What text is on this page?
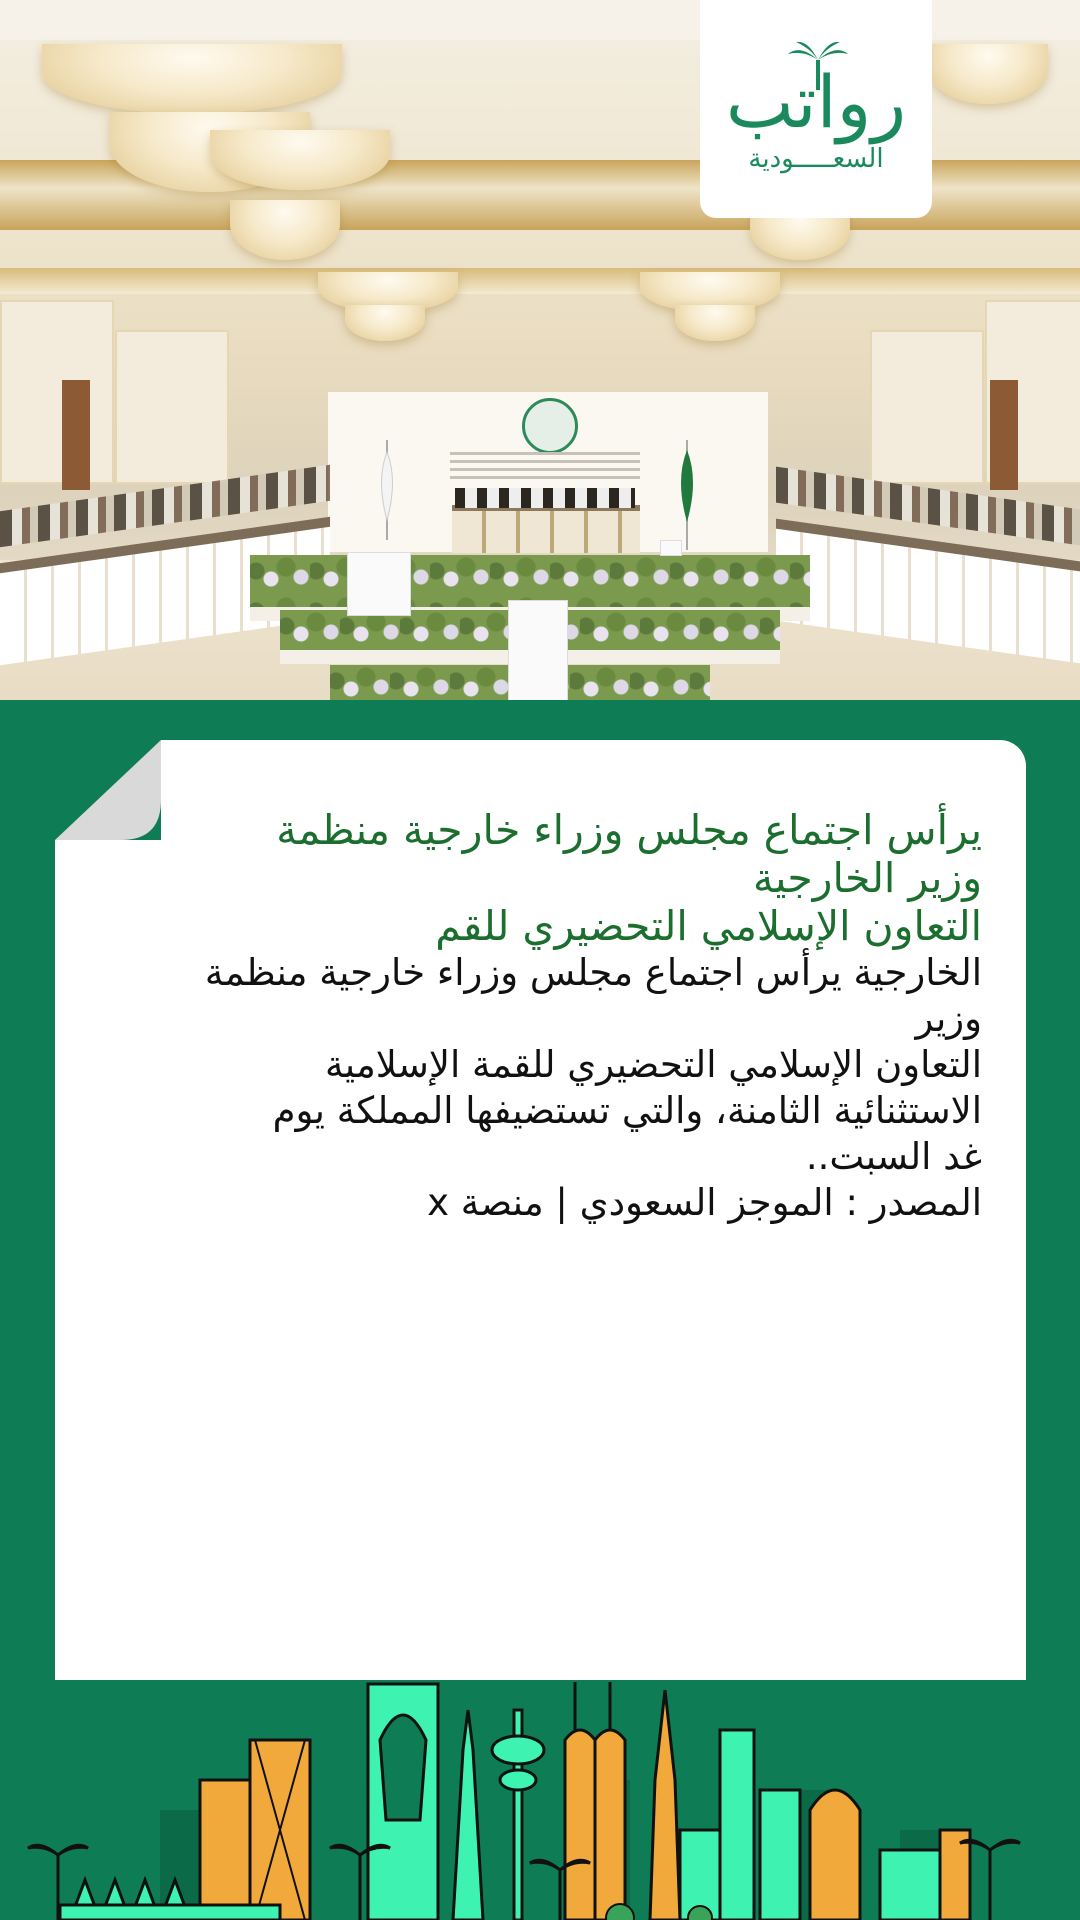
رواتب
السعـــــودية

يرأس اجتماع مجلس وزراء خارجية منظمة

وزير الخارجية

التعاون الإسلامي التحضيري للقم

الخارجية يرأس اجتماع مجلس وزراء خارجية منظمة

وزير

التعاون الإسلامي التحضيري للقمة الإسلامية

الاستثنائية الثامنة، والتي تستضيفها المملكة يوم

غد السبت..

المصدر : الموجز السعودي | منصة x
